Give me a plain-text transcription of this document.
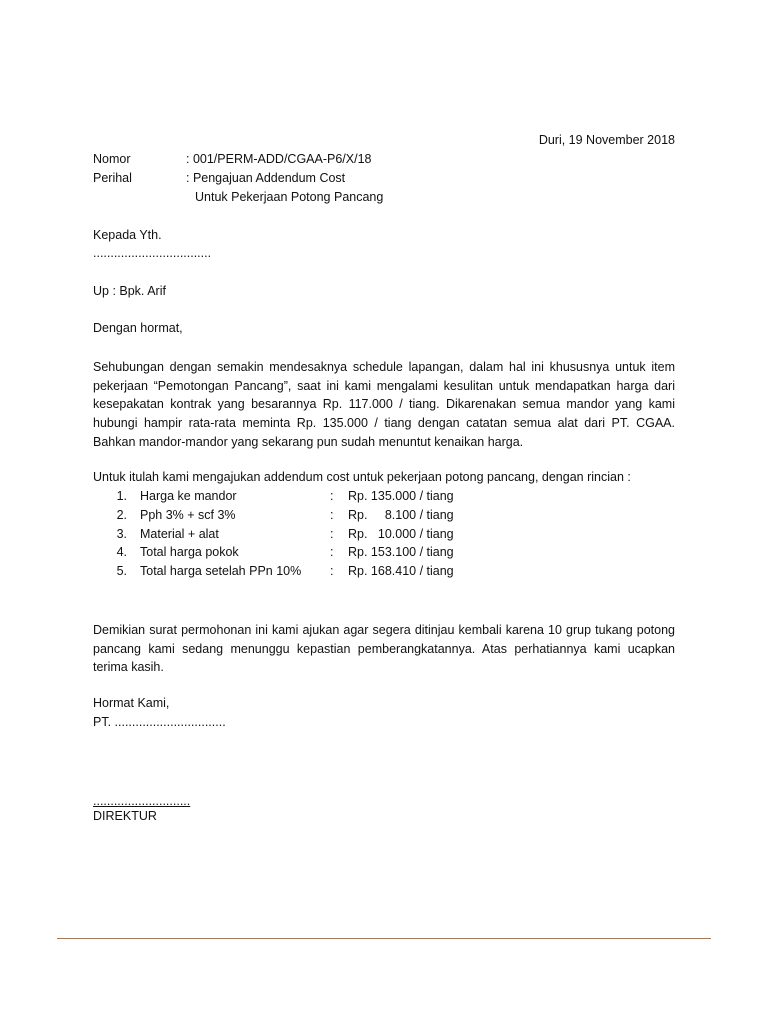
Duri, 19 November 2018
Nomor	: 001/PERM-ADD/CGAA-P6/X/18
Perihal	: Pengajuan Addendum Cost
Untuk Pekerjaan Potong Pancang
Kepada Yth.
..................................
Up : Bpk. Arif
Dengan hormat,
Sehubungan dengan semakin mendesaknya schedule lapangan, dalam hal ini khususnya untuk item pekerjaan “Pemotongan Pancang”, saat ini kami mengalami kesulitan untuk mendapatkan harga dari kesepakatan kontrak yang besarannya Rp. 117.000 / tiang. Dikarenakan semua mandor yang kami hubungi hampir rata-rata meminta Rp. 135.000 / tiang dengan catatan semua alat dari PT. CGAA. Bahkan mandor-mandor yang sekarang pun sudah menuntut kenaikan harga.
Untuk itulah kami mengajukan addendum cost untuk pekerjaan potong pancang, dengan rincian :
1. Harga ke mandor	: Rp. 135.000 / tiang
2. Pph 3% + scf 3%	: Rp.     8.100 / tiang
3. Material + alat	: Rp.   10.000 / tiang
4. Total harga pokok	: Rp. 153.100 / tiang
5. Total harga setelah PPn 10% : Rp. 168.410 / tiang
Demikian surat permohonan ini kami ajukan agar segera ditinjau kembali karena 10 grup tukang potong pancang kami sedang menunggu kepastian pemberangkatannya. Atas perhatiannya kami ucapkan terima kasih.
Hormat Kami,
PT. ................................
............................
DIREKTUR
